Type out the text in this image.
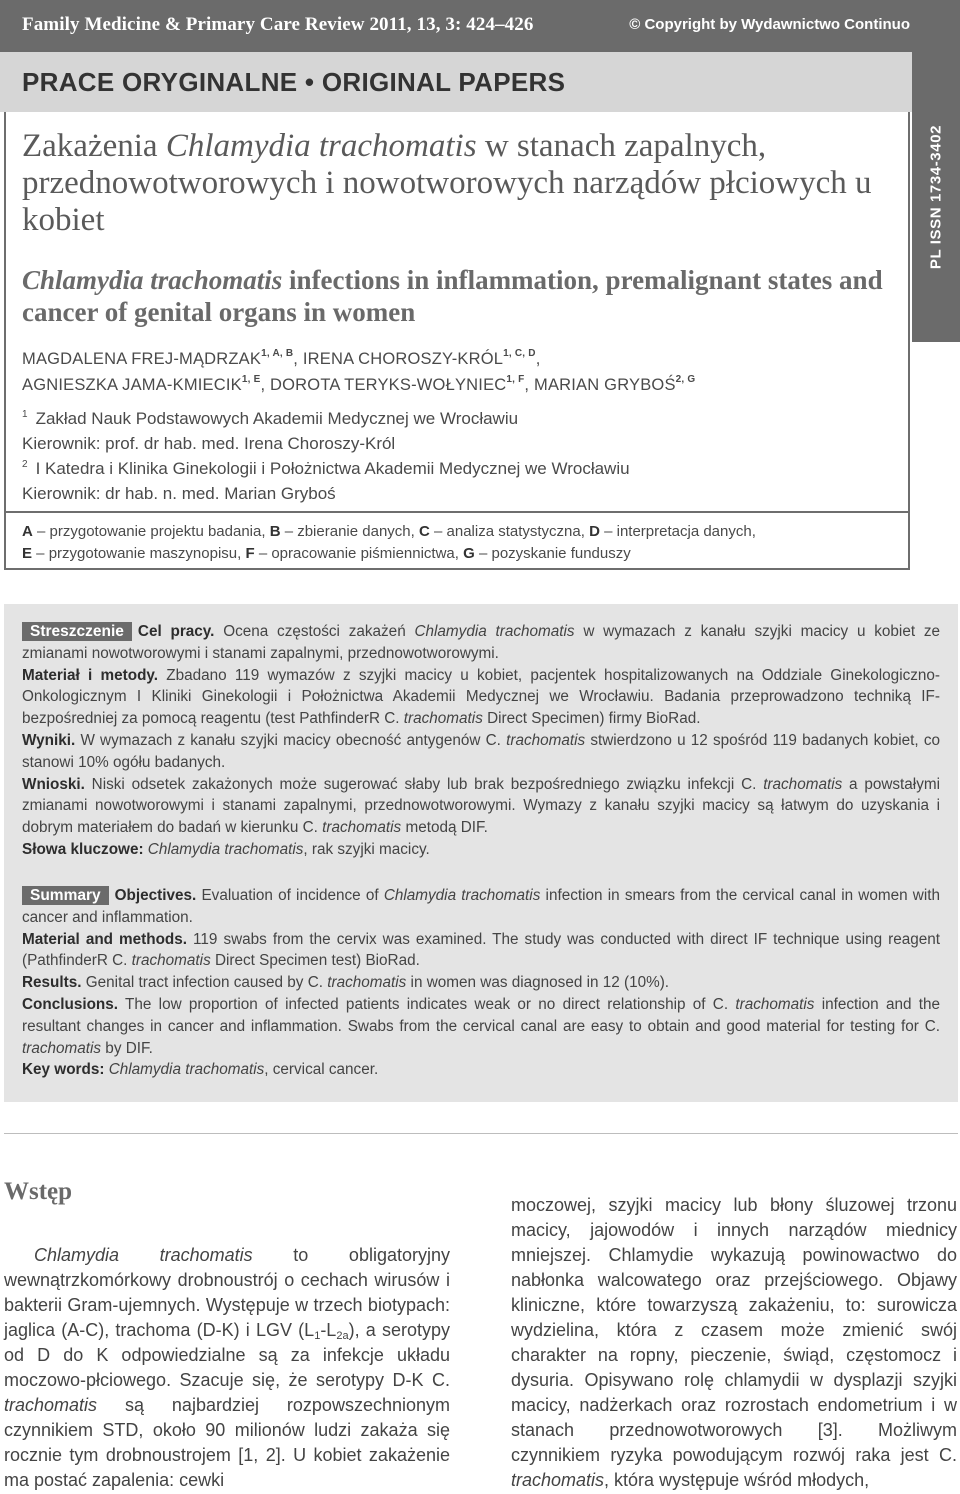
Family Medicine & Primary Care Review 2011, 13, 3: 424–426	© Copyright by Wydawnictwo Continuo
PRACE ORYGINALNE • ORIGINAL PAPERS
PL ISSN 1734-3402
Zakażenia Chlamydia trachomatis w stanach zapalnych, przednowotworowych i nowotworowych narządów płciowych u kobiet
Chlamydia trachomatis infections in inflammation, premalignant states and cancer of genital organs in women
MAGDALENA FREJ-$MĄDRZAK^{1, A, B}$, IRENA CHOROSZY-$KRÓL^{1, C, D}$,
AGNIESZKA JAMA-$KMIECIK^{1, E}$, DOROTA TERYKS-$WOŁYNIEC^{1, F}$, MARIAN $GRYBOŚ^{2, G}$
$^1$ Zakład Nauk Podstawowych Akademii Medycznej we Wrocławiu
Kierownik: prof. dr hab. med. Irena Choroszy-Król
$^2$ I Katedra i Klinika Ginekologii i Położnictwa Akademii Medycznej we Wrocławiu
Kierownik: dr hab. n. med. Marian Gryboś
A – przygotowanie projektu badania, B – zbieranie danych, C – analiza statystyczna, D – interpretacja danych,
E – przygotowanie maszynopisu, F – opracowanie piśmiennictwa, G – pozyskanie funduszy
Streszczenie Cel pracy. Ocena częstości zakażeń Chlamydia trachomatis w wymazach z kanału szyjki macicy u kobiet ze zmianami nowotworowymi i stanami zapalnymi, przednowotworowymi.
Materiał i metody. Zbadano 119 wymazów z szyjki macicy u kobiet, pacjentek hospitalizowanych na Oddziale Ginekologiczno-Onkologicznym I Kliniki Ginekologii i Położnictwa Akademii Medycznej we Wrocławiu. Badania przeprowadzono techniką IF-bezpośredniej za pomocą reagentu (test PathfinderR C. trachomatis Direct Specimen) firmy BioRad.
Wyniki. W wymazach z kanału szyjki macicy obecność antygenów C. trachomatis stwierdzono u 12 spośród 119 badanych kobiet, co stanowi 10% ogółu badanych.
Wnioski. Niski odsetek zakażonych może sugerować słaby lub brak bezpośredniego związku infekcji C. trachomatis a powstałymi zmianami nowotworowymi i stanami zapalnymi, przednowotworowymi. Wymazy z kanału szyjki macicy są łatwym do uzyskania i dobrym materiałem do badań w kierunku C. trachomatis metodą DIF.
Słowa kluczowe: Chlamydia trachomatis, rak szyjki macicy.
Summary Objectives. Evaluation of incidence of Chlamydia trachomatis infection in smears from the cervical canal in women with cancer and inflammation.
Material and methods. 119 swabs from the cervix was examined. The study was conducted with direct IF technique using reagent (PathfinderR C. trachomatis Direct Specimen test) BioRad.
Results. Genital tract infection caused by C. trachomatis in women was diagnosed in 12 (10%).
Conclusions. The low proportion of infected patients indicates weak or no direct relationship of C. trachomatis infection and the resultant changes in cancer and inflammation. Swabs from the cervical canal are easy to obtain and good material for testing for C. trachomatis by DIF.
Key words: Chlamydia trachomatis, cervical cancer.
Wstęp

Chlamydia trachomatis to obligatoryjny wewnątrzkomórkowy drobnoustrój o cechach wirusów i bakterii Gram-ujemnych. Występuje w trzech biotypach: jaglica (A-C), trachoma (D-K) i LGV $(L_1-L_{2a})$, a serotypy od D do K odpowiedzialne są za infekcje układu moczowo-płciowego. Szacuje się, że serotypy D-K C. trachomatis są najbardziej rozpowszechnionym czynnikiem STD, około 90 milionów ludzi zakaża się rocznie tym drobnoustrojem [1, 2]. U kobiet zakażenie ma postać zapalenia: cewki

moczowej, szyjki macicy lub błony śluzowej trzonu macicy, jajowodów i innych narządów miednicy mniejszej. Chlamydie wykazują powinowactwo do nabłonka walcowatego oraz przejściowego. Objawy kliniczne, które towarzyszą zakażeniu, to: surowicza wydzielina, która z czasem może zmienić swój charakter na ropny, pieczenie, świąd, częstomocz i dysuria. Opisywano rolę chlamydii w dysplazji szyjki macicy, nadżerkach oraz rozrostach endometrium i w stanach przednowotworowych [3]. Możliwym czynnikiem ryzyka powodującym rozwój raka jest C. trachomatis, która występuje wśród młodych,
